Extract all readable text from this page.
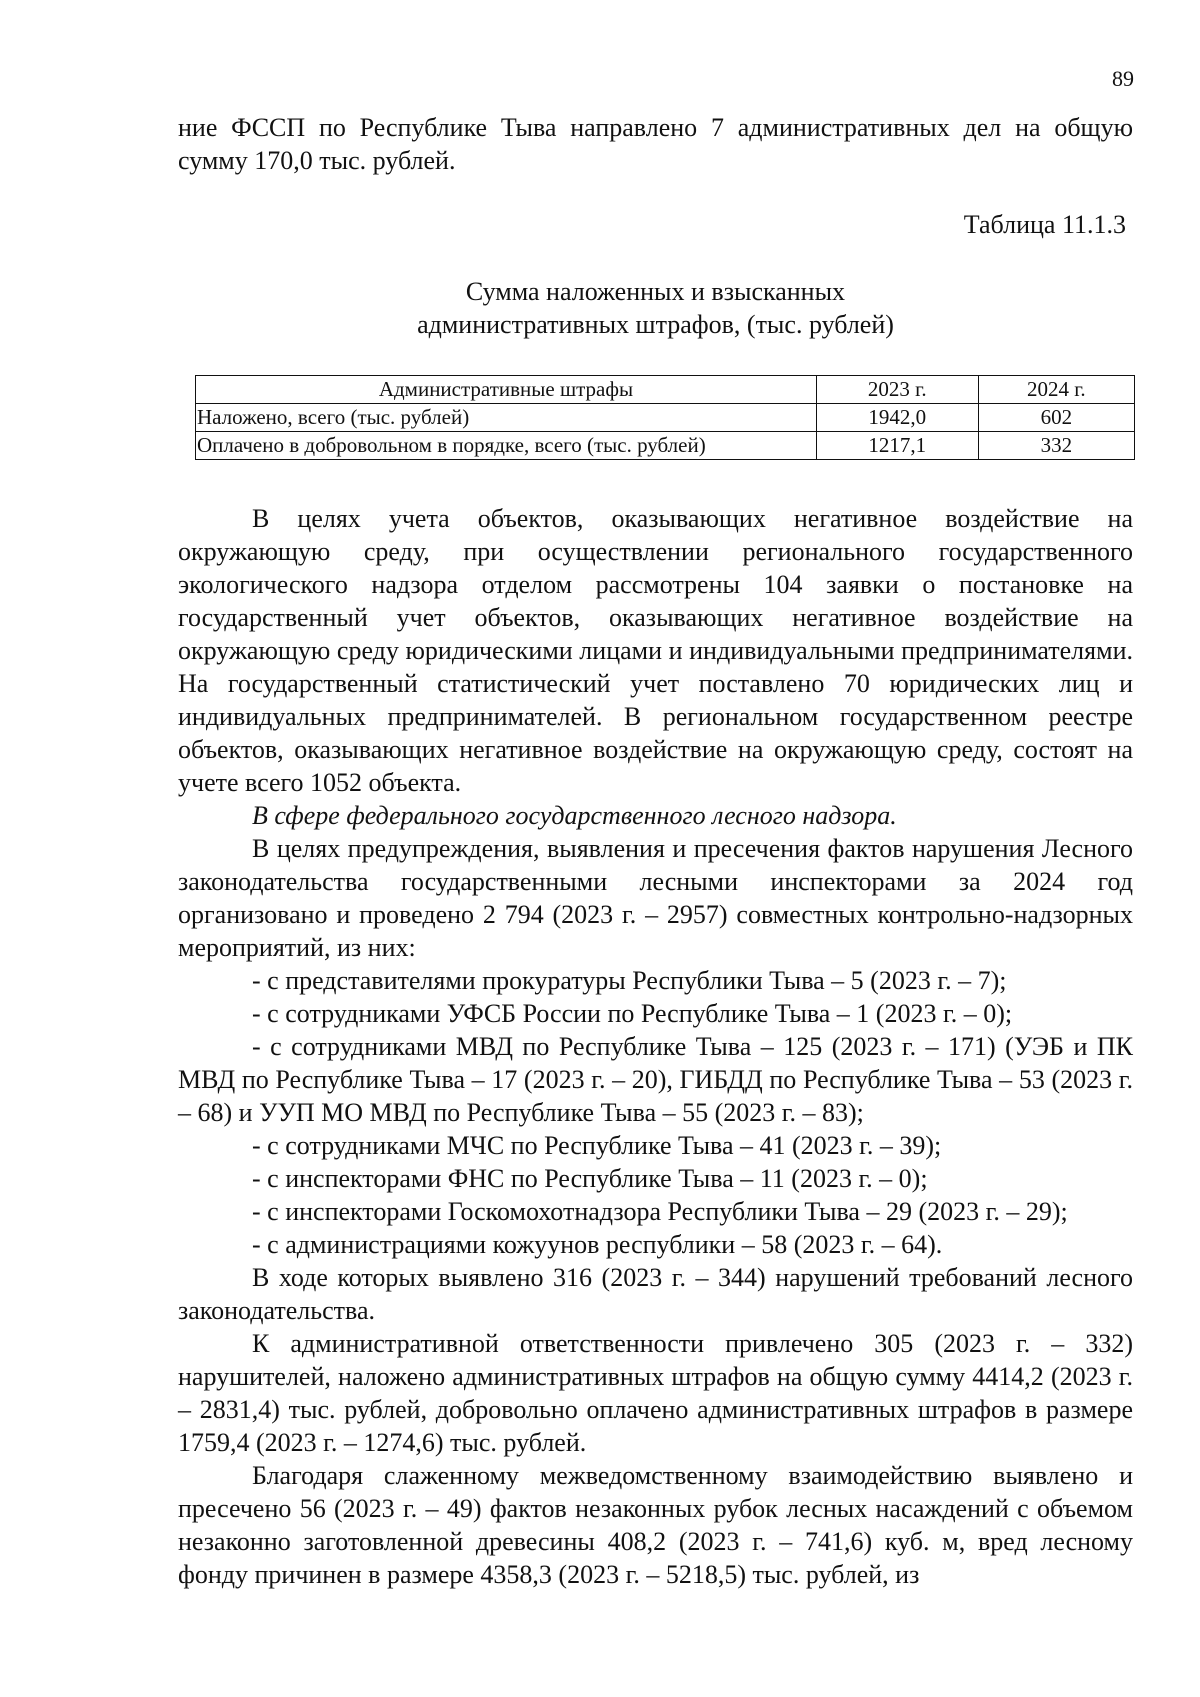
89

ние ФССП по Республике Тыва направлено 7 административных дел на общую сумму 170,0 тыс. рублей.

Таблица 11.1.3
Сумма наложенных и взысканных
административных штрафов, (тыс. рублей)
Административные штрафы	2023 г.	2024 г.
Наложено, всего (тыс. рублей)	1942,0	602
Оплачено в добровольном в порядке, всего (тыс. рублей)	1217,1	332

В целях учета объектов, оказывающих негативное воздействие на окружающую среду, при осуществлении регионального государственного экологического надзора отделом рассмотрены 104 заявки о постановке на государственный учет объектов, оказывающих негативное воздействие на окружающую среду юридическими лицами и индивидуальными предпринимателями. На государственный статистический учет поставлено 70 юридических лиц и индивидуальных предпринимателей. В региональном государственном реестре объектов, оказывающих негативное воздействие на окружающую среду, состоят на учете всего 1052 объекта.

В сфере федерального государственного лесного надзора.

В целях предупреждения, выявления и пресечения фактов нарушения Лесного законодательства государственными лесными инспекторами за 2024 год организовано и проведено 2 794 (2023 г. – 2957) совместных контрольно-надзорных мероприятий, из них:

- с представителями прокуратуры Республики Тыва – 5 (2023 г. – 7);

- с сотрудниками УФСБ России по Республике Тыва – 1 (2023 г. – 0);

- с сотрудниками МВД по Республике Тыва – 125 (2023 г. – 171) (УЭБ и ПК МВД по Республике Тыва – 17 (2023 г. – 20), ГИБДД по Республике Тыва – 53 (2023 г. – 68) и УУП МО МВД по Республике Тыва – 55 (2023 г. – 83);

- с сотрудниками МЧС по Республике Тыва – 41 (2023 г. – 39);

- с инспекторами ФНС по Республике Тыва – 11 (2023 г. – 0);

- с инспекторами Госкомохотнадзора Республики Тыва – 29 (2023 г. – 29);

- с администрациями кожуунов республики – 58 (2023 г. – 64).

В ходе которых выявлено 316 (2023 г. – 344) нарушений требований лесного законодательства.

К административной ответственности привлечено 305 (2023 г. – 332) нарушителей, наложено административных штрафов на общую сумму 4414,2 (2023 г. – 2831,4) тыс. рублей, добровольно оплачено административных штрафов в размере 1759,4 (2023 г. – 1274,6) тыс. рублей.

Благодаря слаженному межведомственному взаимодействию выявлено и пресечено 56 (2023 г. – 49) фактов незаконных рубок лесных насаждений с объемом незаконно заготовленной древесины 408,2 (2023 г. – 741,6) куб. м, вред лесному фонду причинен в размере 4358,3 (2023 г. – 5218,5) тыс. рублей, из
